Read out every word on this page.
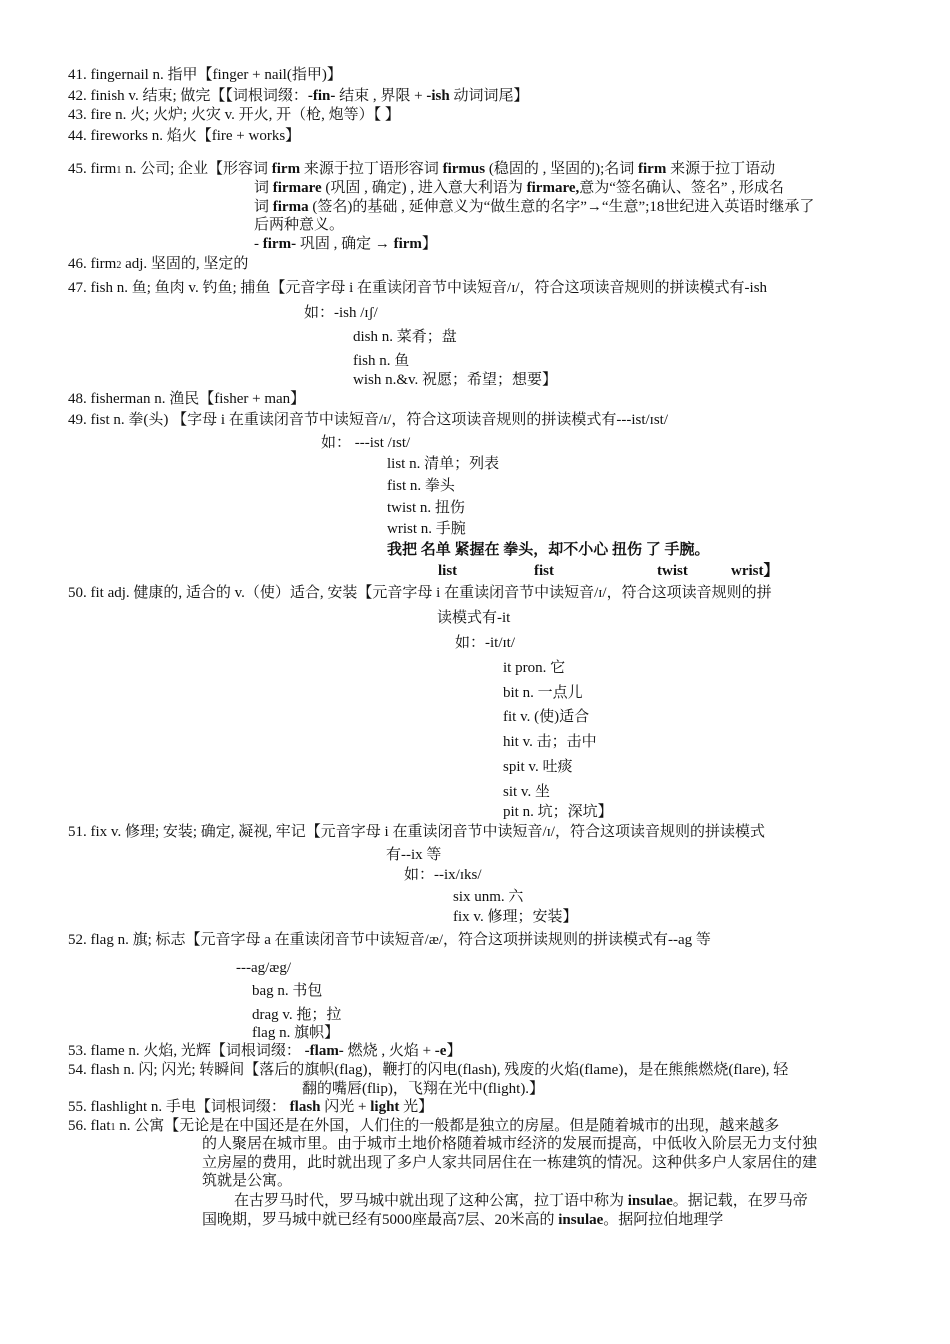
41. fingernail n. 指甲【finger + nail(指甲)】
42. finish v. 结束; 做完【【词根词缀：-fin- 结束 , 界限 + -ish 动词词尾】
43. fire n. 火; 火炉; 火灾 v. 开火, 开（枪, 炮等）【 】
44. fireworks n. 焰火【fire + works】
45. firm1 n. 公司; 企业【形容词 firm 来源于拉丁语形容词 firmus (稳固的 , 坚固的);名词 firm 来源于拉丁语动
词 firmare (巩固 , 确定) , 进入意大利语为 firmare,意为“签名确认、签名” , 形成名
词 firma (签名)的基础 , 延伸意义为“做生意的名字”→“生意”;18世纪进入英语时继承了
后两种意义。
- firm- 巩固 , 确定 → firm】
46. firm2 adj. 坚固的, 坚定的
47. fish n. 鱼; 鱼肉 v. 钓鱼; 捕鱼【元音字母 i 在重读闭音节中读短音/ɪ/，符合这项读音规则的拼读模式有-ish
如：-ish /ɪʃ/
dish n. 菜肴；盘
fish n. 鱼
wish n.&v. 祝愿；希望；想要】
48. fisherman n. 渔民【fisher + man】
49. fist n. 拳(头) 【字母 i 在重读闭音节中读短音/ɪ/，符合这项读音规则的拼读模式有---ist/ɪst/
如： ---ist /ɪst/
list n. 清单；列表
fist n. 拳头
twist n. 扭伤
wrist n. 手腕
我把 名单 紧握在 拳头，却不小心 扭伤 了 手腕。
list	fist	twist	wrist】
50. fit adj. 健康的, 适合的 v.（使）适合, 安装【元音字母 i 在重读闭音节中读短音/ɪ/，符合这项读音规则的拼
读模式有-it
如：-it/ɪt/
it pron. 它
bit n. 一点儿
fit v. (使)适合
hit v. 击；击中
spit v. 吐痰
sit v. 坐
pit n. 坑；深坑】
51. fix v. 修理; 安装; 确定, 凝视, 牢记【元音字母 i 在重读闭音节中读短音/ɪ/，符合这项读音规则的拼读模式
有--ix 等
如：--ix/ɪks/
six unm. 六
fix v. 修理；安装】
52. flag n. 旗; 标志【元音字母 a 在重读闭音节中读短音/æ/，符合这项拼读规则的拼读模式有--ag 等
---ag/æg/
bag n. 书包
drag v. 拖；拉
flag n. 旗帜】
53. flame n. 火焰, 光辉【词根词缀： -flam- 燃烧 , 火焰 + -e】
54. flash n. 闪; 闪光; 转瞬间【落后的旗帜(flag)，鞭打的闪电(flash), 残废的火焰(flame)，是在熊熊燃烧(flare), 轻
翻的嘴唇(flip)，飞翔在光中(flight).】
55. flashlight n. 手电【词根词缀： flash 闪光 + light 光】
56. flat1 n. 公寓【无论是在中国还是在外国，人们住的一般都是独立的房屋。但是随着城市的出现，越来越多
的人聚居在城市里。由于城市土地价格随着城市经济的发展而提高，中低收入阶层无力支付独
立房屋的费用，此时就出现了多户人家共同居住在一栋建筑的情况。这种供多户人家居住的建
筑就是公寓。
在古罗马时代，罗马城中就出现了这种公寓，拉丁语中称为 insulae。据记载，在罗马帝
国晚期，罗马城中就已经有5000座最高7层、20米高的 insulae。据阿拉伯地理学
